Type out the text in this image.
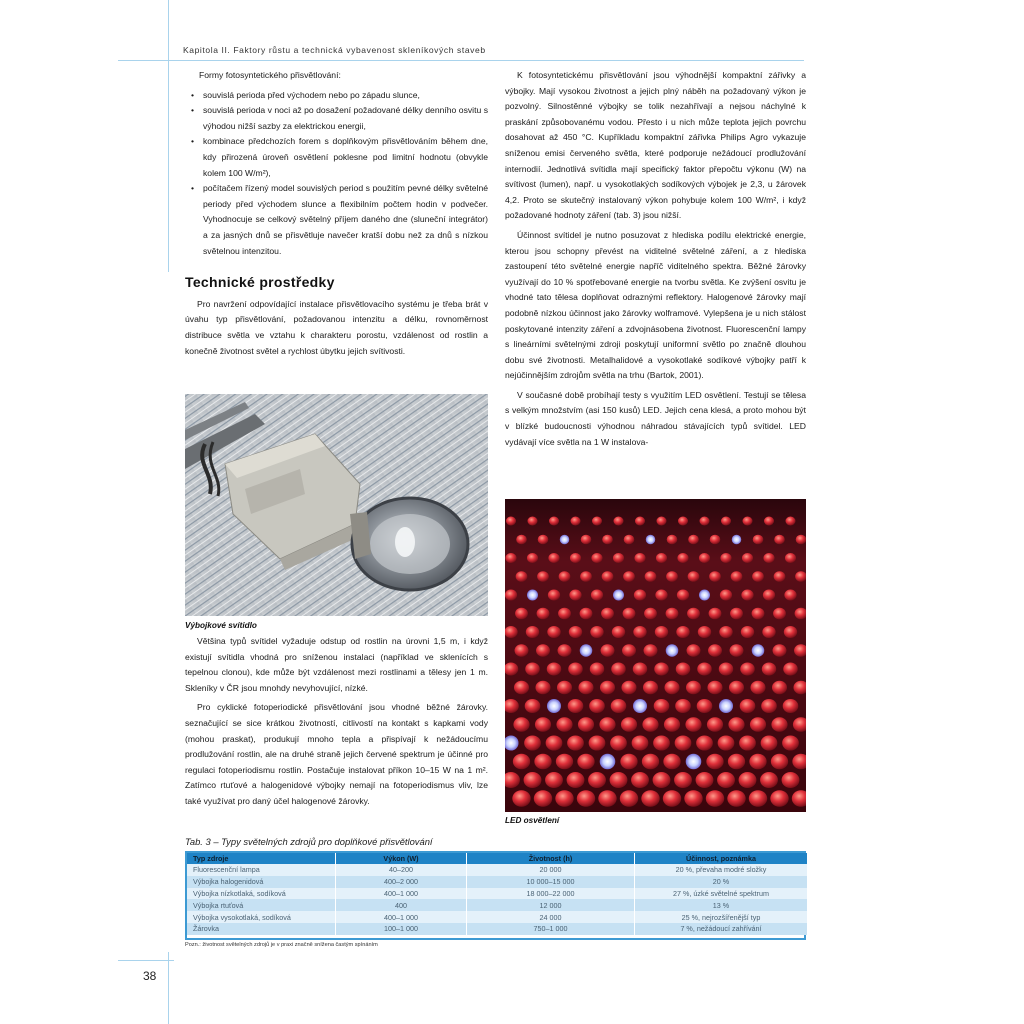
Kapitola II. Faktory růstu a technická vybavenost skleníkových staveb

Formy fotosyntetického přisvětlování:

• souvislá perioda před východem nebo po západu slunce,
• souvislá perioda v noci až po dosažení požadované délky denního osvitu s výhodou nižší sazby za elektrickou energii,
• kombinace předchozích forem s doplňkovým přisvětlováním během dne, kdy přirozená úroveň osvětlení poklesne pod limitní hodnotu (obvykle kolem 100 W/m²),
• počítačem řízený model souvislých period s použitím pevné délky světelné periody před východem slunce a flexibilním počtem hodin v podvečer. Vyhodnocuje se celkový světelný příjem daného dne (sluneční integrátor) a za jasných dnů se přisvětluje navečer kratší dobu než za dnů s nízkou světelnou intenzitou.
Technické prostředky

Pro navržení odpovídající instalace přisvětlovacího systému je třeba brát v úvahu typ přisvětlování, požadovanou intenzitu a délku, rovnoměrnost distribuce světla ve vztahu k charakteru porostu, vzdálenost od rostlin a konečně životnost světel a rychlost úbytku jejich svítivosti.

Výbojkové svítidlo

Většina typů svítidel vyžaduje odstup od rostlin na úrovni 1,5 m, i když existují svítidla vhodná pro sníženou instalaci (například ve sklenících s tepelnou clonou), kde může být vzdálenost mezi rostlinami a tělesy jen 1 m. Skleníky v ČR jsou mnohdy nevyhovující, nízké.

Pro cyklické fotoperiodické přisvětlování jsou vhodné běžné žárovky. seznačující se sice krátkou životností, citlivostí na kontakt s kapkami vody (mohou praskat), produkují mnoho tepla a přispívají k nežádoucímu prodlužování rostlin, ale na druhé straně jejich červené spektrum je účinné pro regulaci fotoperiodismu rostlin. Postačuje instalovat příkon 10–15 W na 1 m². Zatímco rtuťové a halogenidové výbojky nemají na fotoperiodismus vliv, lze také využívat pro daný účel halogenové žárovky.

K fotosyntetickému přisvětlování jsou výhodnější kompaktní zářivky a výbojky. Mají vysokou životnost a jejich plný náběh na požadovaný výkon je pozvolný. Silnostěnné výbojky se tolik nezahřívají a nejsou náchylné k praskání způsobovanému vodou. Přesto i u nich může teplota jejich povrchu dosahovat až 450 °C. Kupříkladu kompaktní zářivka Philips Agro vykazuje sníženou emisi červeného světla, které podporuje nežádoucí prodlužování internodií. Jednotlivá svítidla mají specifický faktor přepočtu výkonu (W) na svítivost (lumen), např. u vysokotlakých sodíkových výbojek je 2,3, u žárovek 4,2. Proto se skutečný instalovaný výkon pohybuje kolem 100 W/m², i když požadované hodnoty záření (tab. 3) jsou nižší.

Účinnost svítidel je nutno posuzovat z hlediska podílu elektrické energie, kterou jsou schopny převést na viditelné světelné záření, a z hlediska zastoupení této světelné energie napříč viditelného spektra. Běžné žárovky využívají do 10 % spotřebované energie na tvorbu světla. Ke zvýšení osvitu je vhodné tato tělesa doplňovat odraznými reflektory. Halogenové žárovky mají podobně nízkou účinnost jako žárovky wolframové. Vylepšena je u nich stálost poskytované intenzity záření a zdvojnásobena životnost. Fluorescenční lampy s lineárními světelnými zdroji poskytují uniformní světlo po značně dlouhou dobu své životnosti. Metalhalidové a vysokotlaké sodíkové výbojky patří k nejúčinnějším zdrojům světla na trhu (Bartok, 2001).

V současné době probíhají testy s využitím LED osvětlení. Testují se tělesa s velkým množstvím (asi 150 kusů) LED. Jejich cena klesá, a proto mohou být v blízké budoucnosti výhodnou náhradou stávajících typů svítidel. LED vydávají více světla na 1 W instalova-

LED osvětlení
Tab. 3 – Typy světelných zdrojů pro doplňkové přisvětlování
Typ zdroje	Výkon (W)	Životnost (h)	Účinnost, poznámka
Fluorescenční lampa	40–200	20 000	20 %, převaha modré složky
Výbojka halogenidová	400–2 000	10 000–15 000	20 %
Výbojka nízkotlaká, sodíková	400–1 000	18 000–22 000	27 %, úzké světelné spektrum
Výbojka rtuťová	400	12 000	13 %
Výbojka vysokotlaká, sodíková	400–1 000	24 000	25 %, nejrozšířenější typ
Žárovka	100–1 000	750–1 000	7 %, nežádoucí zahřívání
Pozn.: životnost světelných zdrojů je v praxi značně snížena častým spínáním
38
